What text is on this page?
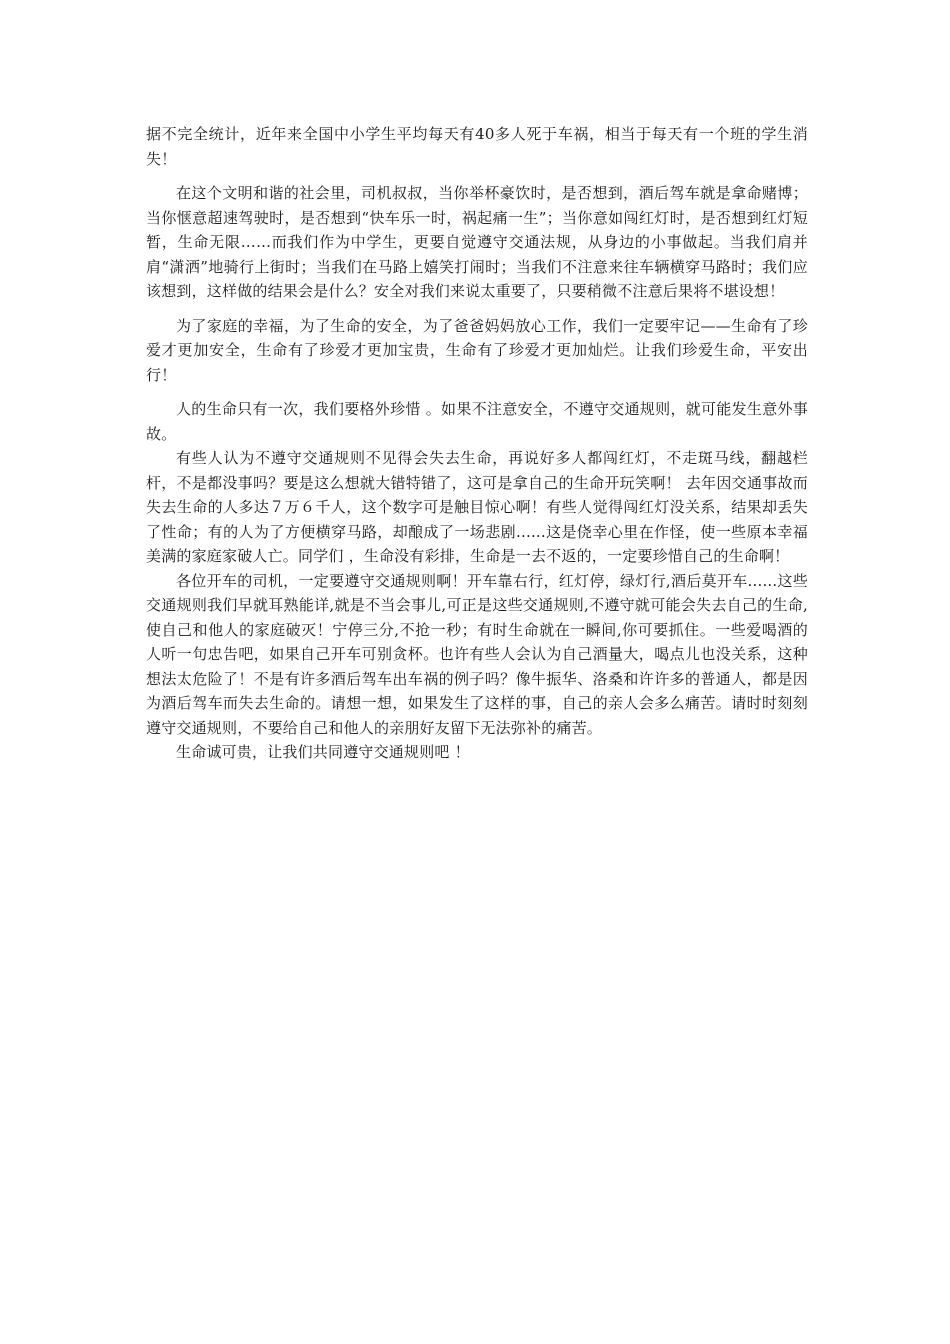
据不完全统计，近年来全国中小学生平均每天有40多人死于车祸，相当于每天有一个班的学生消失！

在这个文明和谐的社会里，司机叔叔，当你举杯豪饮时，是否想到，酒后驾车就是拿命赌博；当你惬意超速驾驶时，是否想到“快车乐一时，祸起痛一生”；当你意如闯红灯时，是否想到红灯短暂，生命无限……而我们作为中学生，更要自觉遵守交通法规，从身边的小事做起。当我们肩并肩“潇洒”地骑行上街时；当我们在马路上嬉笑打闹时；当我们不注意来往车辆横穿马路时；我们应该想到，这样做的结果会是什么？安全对我们来说太重要了，只要稍微不注意后果将不堪设想！

为了家庭的幸福，为了生命的安全，为了爸爸妈妈放心工作，我们一定要牢记——生命有了珍爱才更加安全，生命有了珍爱才更加宝贵，生命有了珍爱才更加灿烂。让我们珍爱生命，平安出行！

人的生命只有一次，我们要格外珍惜 。如果不注意安全，不遵守交通规则，就可能发生意外事故。

有些人认为不遵守交通规则不见得会失去生命，再说好多人都闯红灯，不走斑马线，翻越栏杆，不是都没事吗？要是这么想就大错特错了，这可是拿自己的生命开玩笑啊！ 去年因交通事故而失去生命的人多达７万６千人，这个数字可是触目惊心啊！有些人觉得闯红灯没关系，结果却丢失了性命；有的人为了方便横穿马路，却酿成了一场悲剧......这是侥幸心里在作怪，使一些原本幸福美满的家庭家破人亡。同学们 ，生命没有彩排，生命是一去不返的，一定要珍惜自己的生命啊！

各位开车的司机，一定要遵守交通规则啊！开车靠右行，红灯停，绿灯行,酒后莫开车......这些交通规则我们早就耳熟能详,就是不当会事儿,可正是这些交通规则,不遵守就可能会失去自己的生命,使自己和他人的家庭破灭！宁停三分,不抢一秒；有时生命就在一瞬间,你可要抓住。一些爱喝酒的人听一句忠告吧，如果自己开车可别贪杯。也许有些人会认为自己酒量大，喝点儿也没关系，这种想法太危险了！不是有许多酒后驾车出车祸的例子吗？像牛振华、洛桑和许许多的普通人，都是因为酒后驾车而失去生命的。请想一想，如果发生了这样的事，自己的亲人会多么痛苦。请时时刻刻遵守交通规则，不要给自己和他人的亲朋好友留下无法弥补的痛苦。

生命诚可贵，让我们共同遵守交通规则吧 ！
